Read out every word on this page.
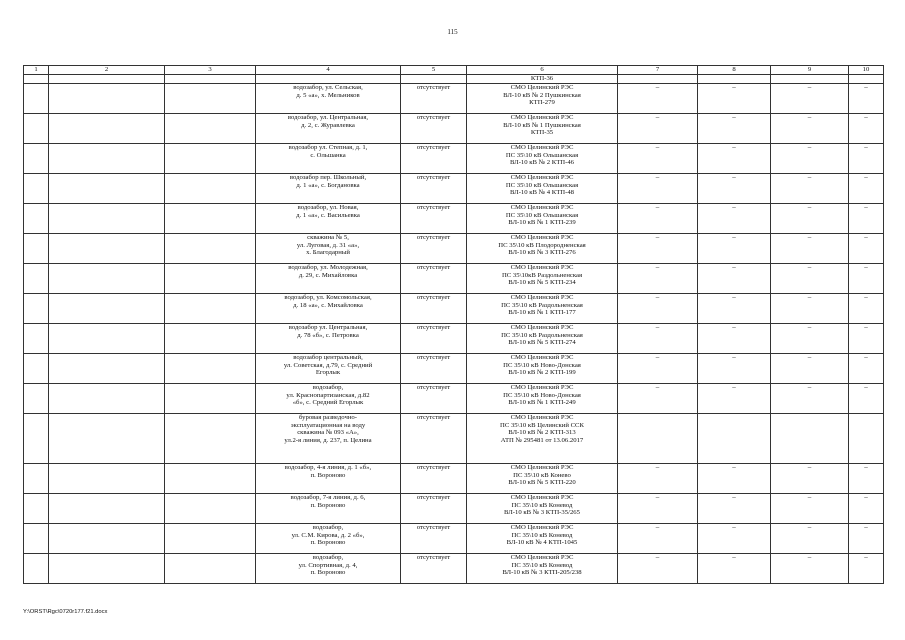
115
1	2	3	4	5	6	7	8	9	10
					КТП-36				
			водозабор, ул. Сельская,
д. 5 «а», х. Мельников	отсутствует	СМО Целинский РЭС
ВЛ-10 кВ № 2 Пушкинская
КТП-279	–	–	–	–
			водозабор, ул. Центральная,
д. 2, с. Журавлевка	отсутствует	СМО Целинский РЭС
ВЛ-10 кВ № 1 Пушкинская
КТП-35	–	–	–	–
			водозабор ул. Степная, д. 1,
с. Ольшанка	отсутствует	СМО Целинский РЭС
ПС 35\10 кВ Ольшанская
ВЛ-10 кВ № 2 КТП-46	–	–	–	–
			водозабор пер. Школьный,
д. 1 «а», с. Богдановка	отсутствует	СМО Целинский РЭС
ПС 35\10 кВ Ольшанская
ВЛ-10 кВ № 4 КТП-48	–	–	–	–
			водозабор, ул. Новая,
д. 1 «а», с. Васильевка	отсутствует	СМО Целинский РЭС
ПС 35\10 кВ Ольшанская
ВЛ-10 кВ № 1 КТП-239	–	–	–	–
			скважина № 5,
ул. Луговая, д. 31 «а»,
х. Благодарный	отсутствует	СМО Целинский РЭС
ПС 35\10 кВ Плодородненская
ВЛ-10 кВ № 3 КТП-276	–	–	–	–
			водозабор, ул. Молодежная,
д. 29, с. Михайловка	отсутствует	СМО Целинский РЭС
ПС 35\10кВ Раздольненская
ВЛ-10 кВ № 5 КТП-234	–	–	–	–
			водозабор, ул. Комсомольская,
д. 18 «а», с. Михайловка	отсутствует	СМО Целинский РЭС
ПС 35\10 кВ Раздольненская
ВЛ-10 кВ № 1 КТП-177	–	–	–	–
			водозабор ул. Центральная,
д. 78 «б», с. Петровка	отсутствует	СМО Целинский РЭС
ПС 35\10 кВ Раздольненская
ВЛ-10 кВ № 5 КТП-274	–	–	–	–
			водозабор центральный,
ул. Советская, д.79, с. Средний
Егорлык	отсутствует	СМО Целинский РЭС
ПС 35\10 кВ Ново-Донская
ВЛ-10 кВ № 2 КТП-199	–	–	–	–
			водозабор,
ул. Краснопартизанская, д.82
«б», с. Средний Егорлык	отсутствует	СМО Целинский РЭС
ПС 35\10 кВ Ново-Донская
ВЛ-10 кВ № 1 КТП-249	–	–	–	–
			буровая разведочно-
эксплуатационная на воду
скважина № 093 «А»,
ул.2-я линия, д. 237, п. Целина	отсутствует	СМО Целинский РЭС
ПС 35\10 кВ Целинский ССК
ВЛ-10 кВ № 2 КТП-313
АТП № 295481 от 13.06.2017				
			водозабор, 4-я линия, д. 1 «б»,
п. Вороново	отсутствует	СМО Целинский РЭС
ПС 35\10 кВ Конево
ВЛ-10 кВ № 5 КТП-220	–	–	–	–
			водозабор, 7-я линия, д. 6,
п. Вороново	отсутствует	СМО Целинский РЭС
ПС 35\10 кВ Коневод
ВЛ-10 кВ № 3 КТП-35/265	–	–	–	–
			водозабор,
ул. С.М. Кирова, д. 2 «б»,
п. Вороново	отсутствует	СМО Целинский РЭС
ПС 35\10 кВ Коневод
ВЛ-10 кВ № 4 КТП-1045	–	–	–	–
			водозабор,
ул. Спортивная, д. 4,
п. Вороново	отсутствует	СМО Целинский РЭС
ПС 35\10 кВ Коневод
ВЛ-10 кВ № 3 КТП-205/238	–	–	–	–
Y:\ORST\Rgc\0720r177.f21.docx
